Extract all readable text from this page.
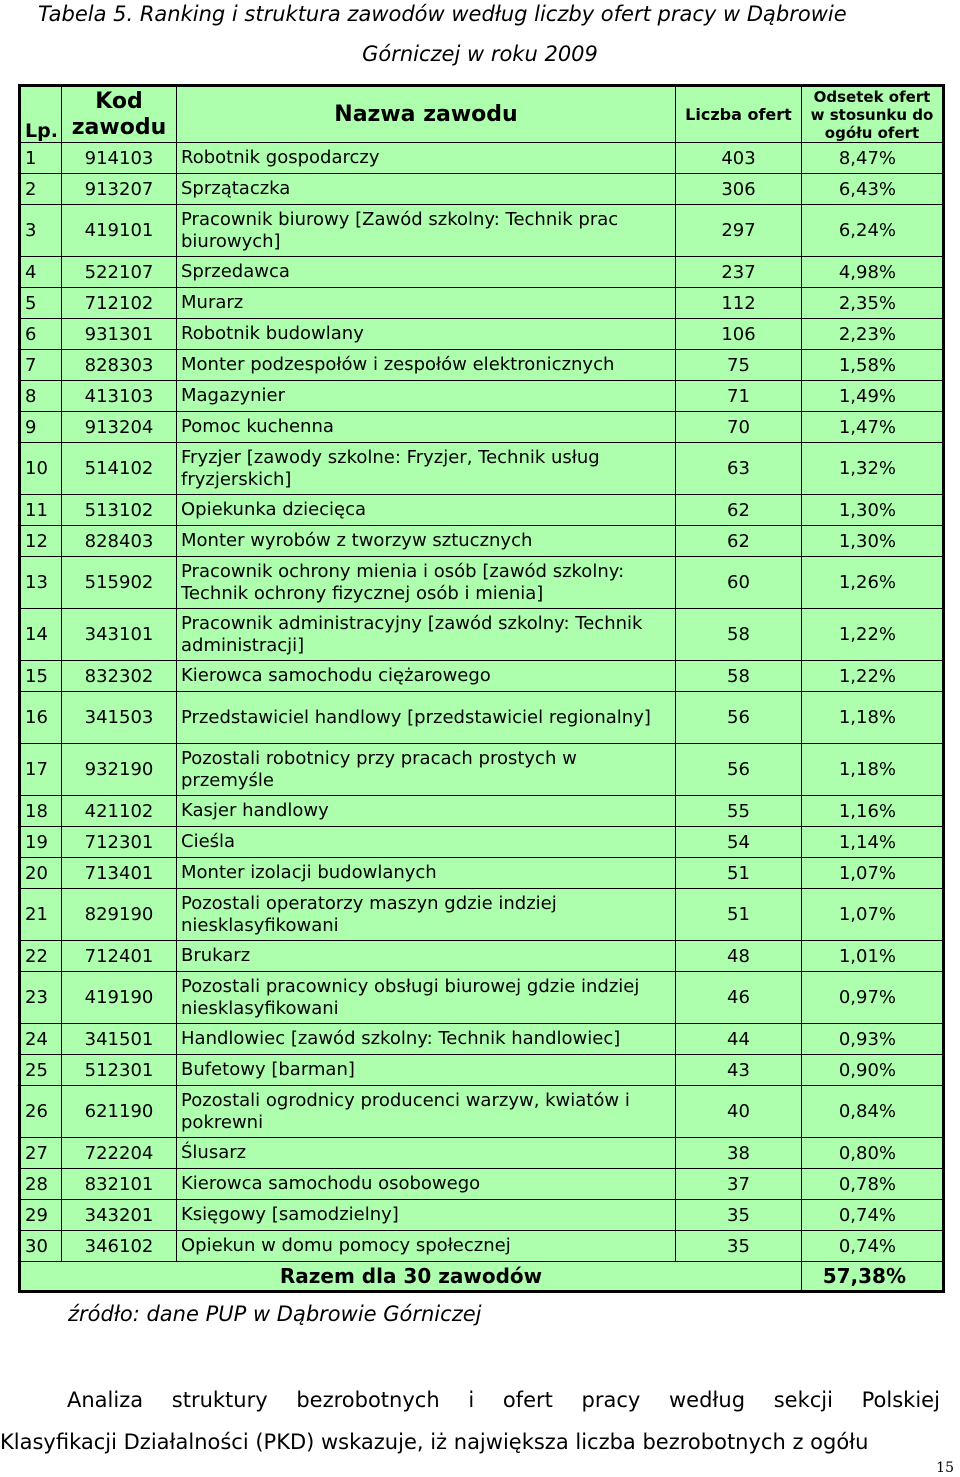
Tabela 5. Ranking i struktura zawodów według liczby ofert pracy w Dąbrowie
Górniczej w roku 2009
Lp.	Kod zawodu	Nazwa zawodu	Liczba ofert	Odsetek ofert w stosunku do ogółu ofert
1	914103	Robotnik gospodarczy	403	8,47%
2	913207	Sprzątaczka	306	6,43%
3	419101	Pracownik biurowy [Zawód szkolny: Technik prac biurowych]	297	6,24%
4	522107	Sprzedawca	237	4,98%
5	712102	Murarz	112	2,35%
6	931301	Robotnik budowlany	106	2,23%
7	828303	Monter podzespołów i zespołów elektronicznych	75	1,58%
8	413103	Magazynier	71	1,49%
9	913204	Pomoc kuchenna	70	1,47%
10	514102	Fryzjer [zawody szkolne: Fryzjer, Technik usług fryzjerskich]	63	1,32%
11	513102	Opiekunka dziecięca	62	1,30%
12	828403	Monter wyrobów z tworzyw sztucznych	62	1,30%
13	515902	Pracownik ochrony mienia i osób [zawód szkolny: Technik ochrony fizycznej osób i mienia]	60	1,26%
14	343101	Pracownik administracyjny [zawód szkolny: Technik administracji]	58	1,22%
15	832302	Kierowca samochodu ciężarowego	58	1,22%
16	341503	Przedstawiciel handlowy [przedstawiciel regionalny]	56	1,18%
17	932190	Pozostali robotnicy przy pracach prostych w przemyśle	56	1,18%
18	421102	Kasjer handlowy	55	1,16%
19	712301	Cieśla	54	1,14%
20	713401	Monter izolacji budowlanych	51	1,07%
21	829190	Pozostali operatorzy maszyn gdzie indziej niesklasyfikowani	51	1,07%
22	712401	Brukarz	48	1,01%
23	419190	Pozostali pracownicy obsługi biurowej gdzie indziej niesklasyfikowani	46	0,97%
24	341501	Handlowiec [zawód szkolny: Technik handlowiec]	44	0,93%
25	512301	Bufetowy [barman]	43	0,90%
26	621190	Pozostali ogrodnicy producenci warzyw, kwiatów i pokrewni	40	0,84%
27	722204	Ślusarz	38	0,80%
28	832101	Kierowca samochodu osobowego	37	0,78%
29	343201	Księgowy [samodzielny]	35	0,74%
30	346102	Opiekun w domu pomocy społecznej	35	0,74%
Razem dla 30 zawodów				57,38%
źródło: dane PUP w Dąbrowie Górniczej
Analiza struktury bezrobotnych i ofert pracy według sekcji Polskiej
Klasyfikacji Działalności (PKD) wskazuje, iż największa liczba bezrobotnych z ogółu
15
